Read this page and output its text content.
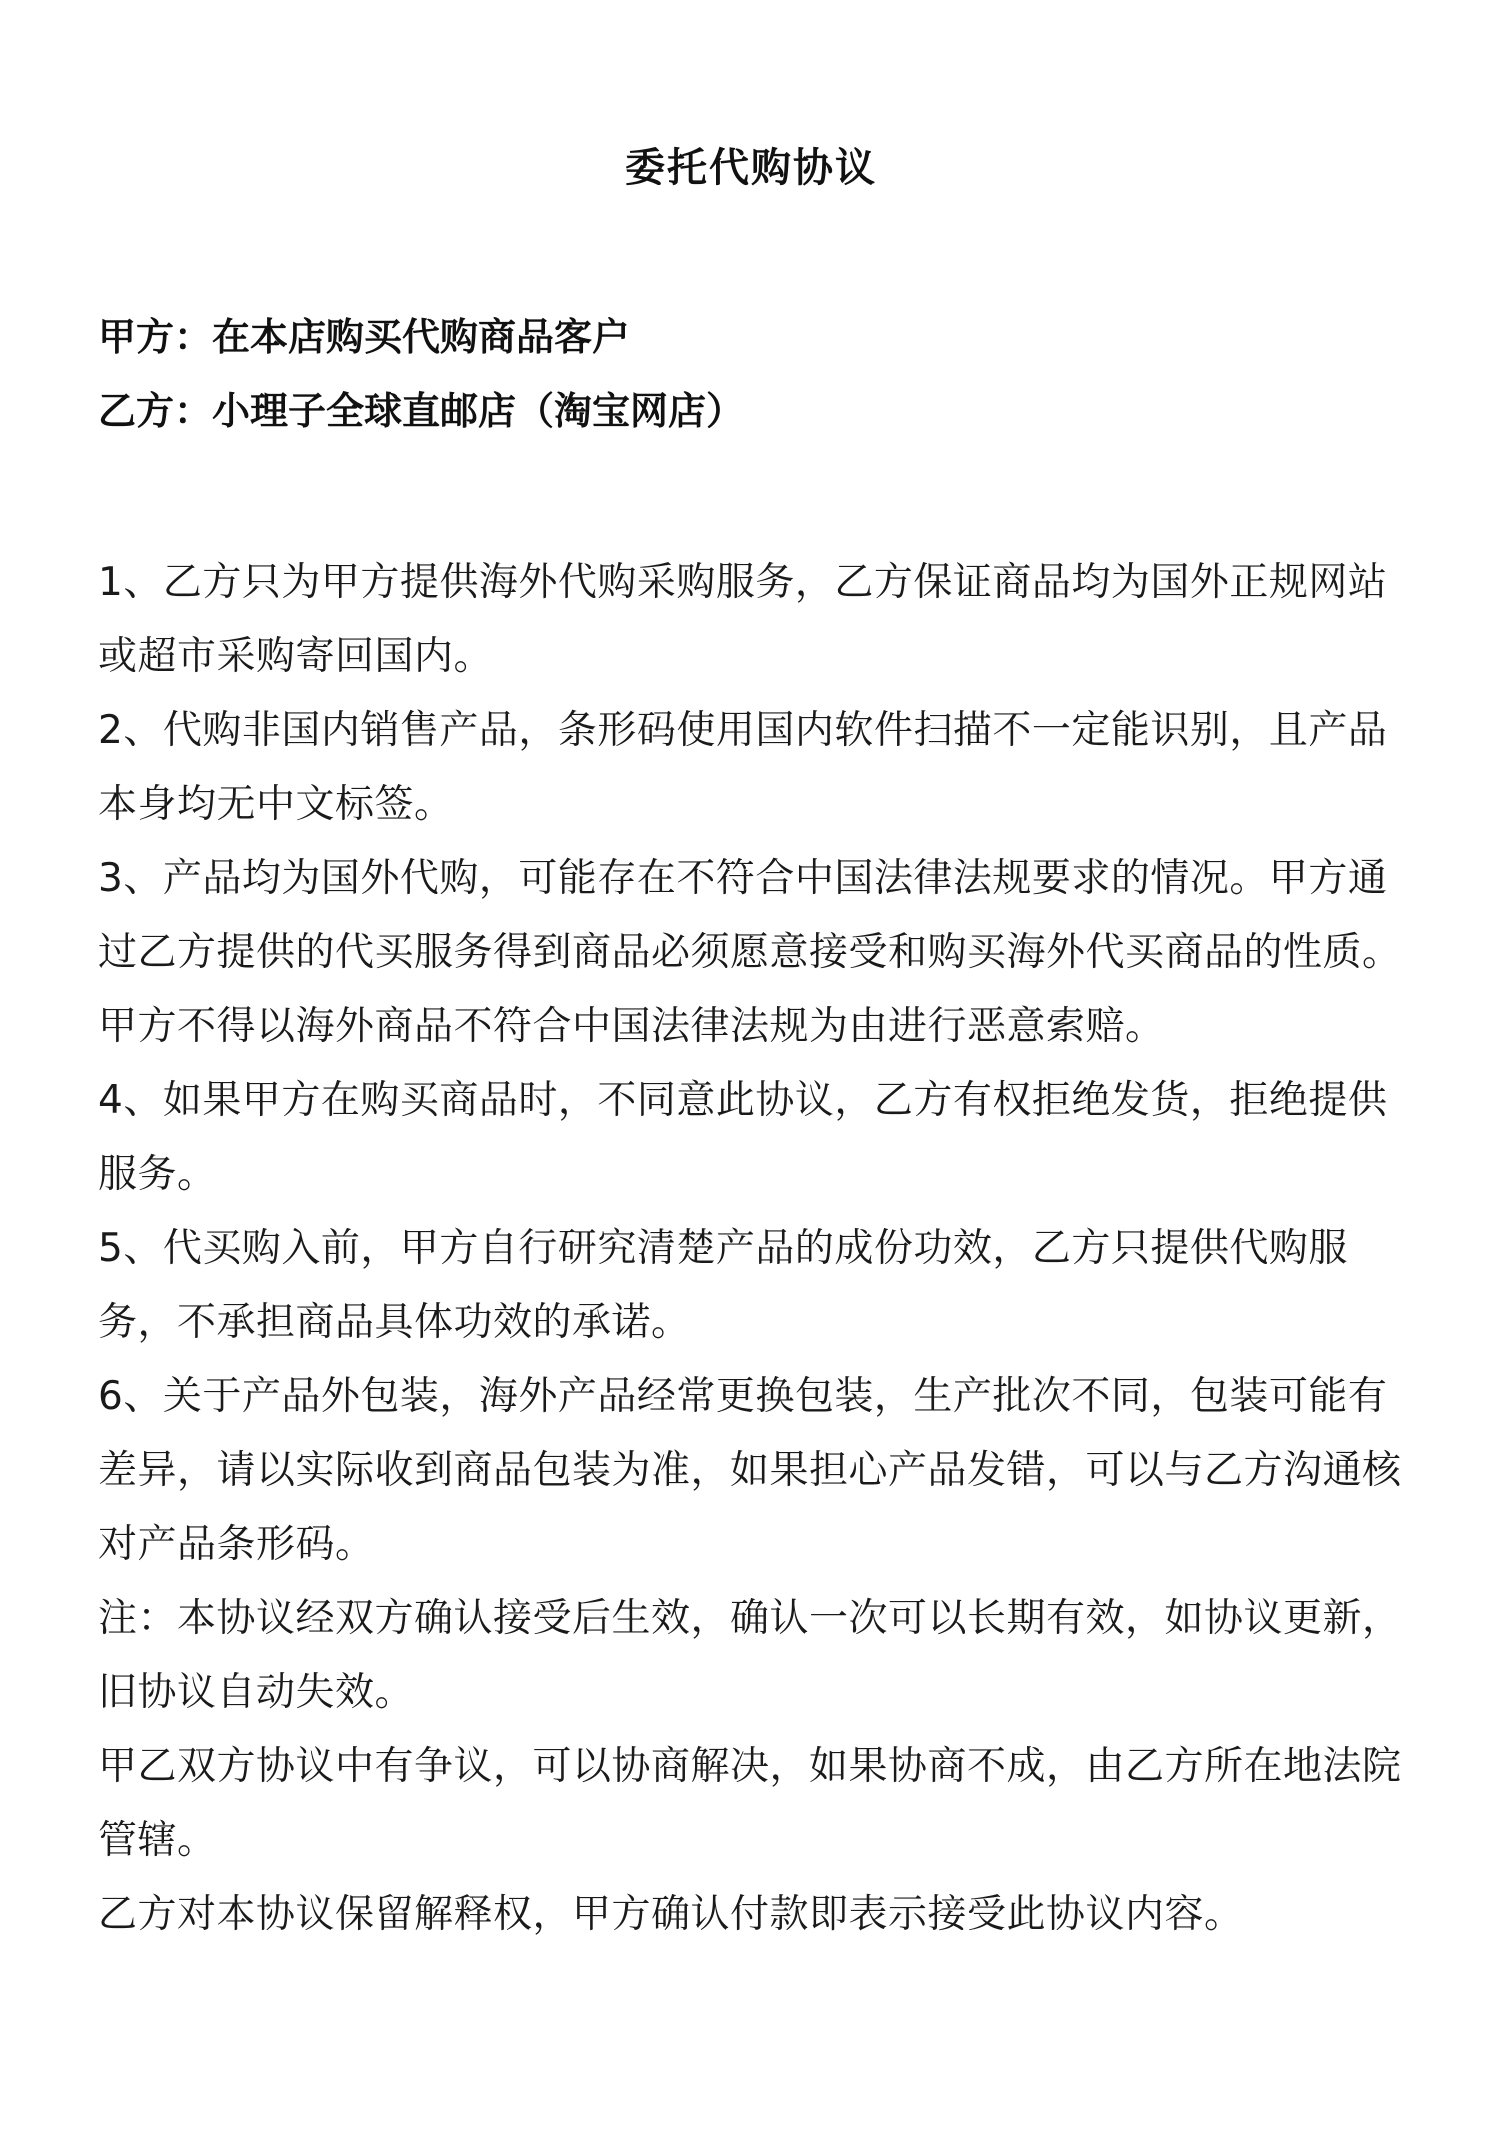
委托代购协议

甲方：在本店购买代购商品客户

乙方：小理子全球直邮店（淘宝网店）

1、乙方只为甲方提供海外代购采购服务，乙方保证商品均为国外正规网站或超市采购寄回国内。

2、代购非国内销售产品，条形码使用国内软件扫描不一定能识别，且产品本身均无中文标签。

3、产品均为国外代购，可能存在不符合中国法律法规要求的情况。甲方通过乙方提供的代买服务得到商品必须愿意接受和购买海外代买商品的性质。甲方不得以海外商品不符合中国法律法规为由进行恶意索赔。

4、如果甲方在购买商品时，不同意此协议，乙方有权拒绝发货，拒绝提供服务。

5、代买购入前，甲方自行研究清楚产品的成份功效，乙方只提供代购服务，不承担商品具体功效的承诺。

6、关于产品外包装，海外产品经常更换包装，生产批次不同，包装可能有差异，请以实际收到商品包装为准，如果担心产品发错，可以与乙方沟通核对产品条形码。

注：本协议经双方确认接受后生效，确认一次可以长期有效，如协议更新，旧协议自动失效。

甲乙双方协议中有争议，可以协商解决，如果协商不成，由乙方所在地法院管辖。

乙方对本协议保留解释权，甲方确认付款即表示接受此协议内容。
